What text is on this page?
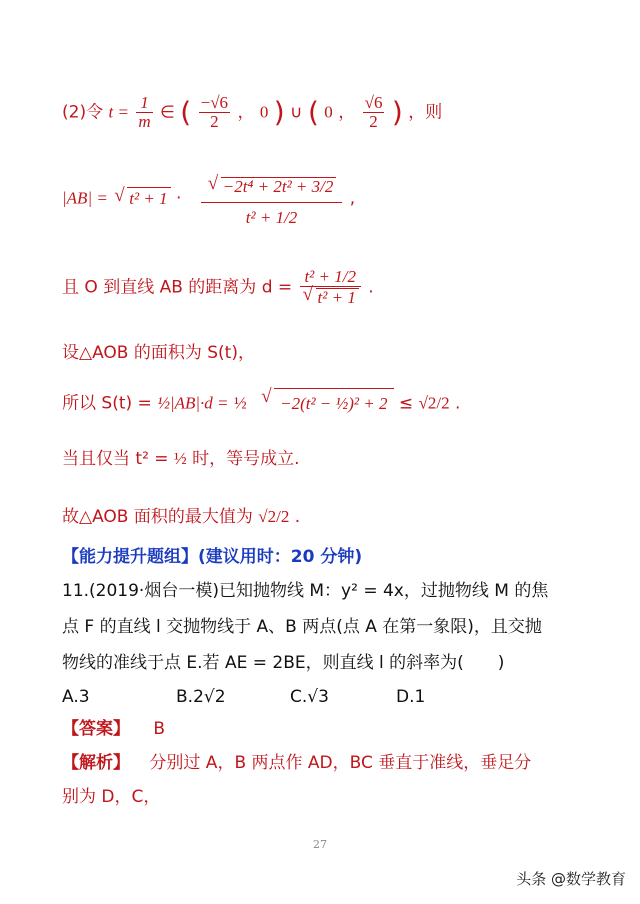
(2)令 $t = \frac{1}{m}$ ∈ ( $\frac{-√6}{2}$ ， 0 ) ∪ ( 0 ， $\frac{√6}{2}$ ) ，则
|AB| = √ t² + 1 · √ $\frac{\text{−2t⁴ + 2t² + 3/2}}{\text{t² + 1/2}}$ ,
且 O 到直线 AB 的距离为 d = t² + 1/2
√ t² + 1 .
设△AOB 的面积为 S(t)，
所以 S(t) = ½|AB|·d = ½ √ −2(t² − ½)² + 2 ≤ √2/2 .
当且仅当 t² = ½ 时，等号成立.
故△AOB 面积的最大值为 √2/2 .
【能力提升题组】(建议用时：20 分钟)
11.(2019·烟台一模)已知抛物线 M：y² = 4x，过抛物线 M 的焦
点 F 的直线 l 交抛物线于 A、B 两点(点 A 在第一象限)，且交抛
物线的准线于点 E.若 AE = 2BE，则直线 l 的斜率为(　　)
A.3	B.2√2	C.√3	D.1
【答案】 B
【解析】 分别过 A，B 两点作 AD，BC 垂直于准线，垂足分
别为 D，C，
27
头条 @数学教育
